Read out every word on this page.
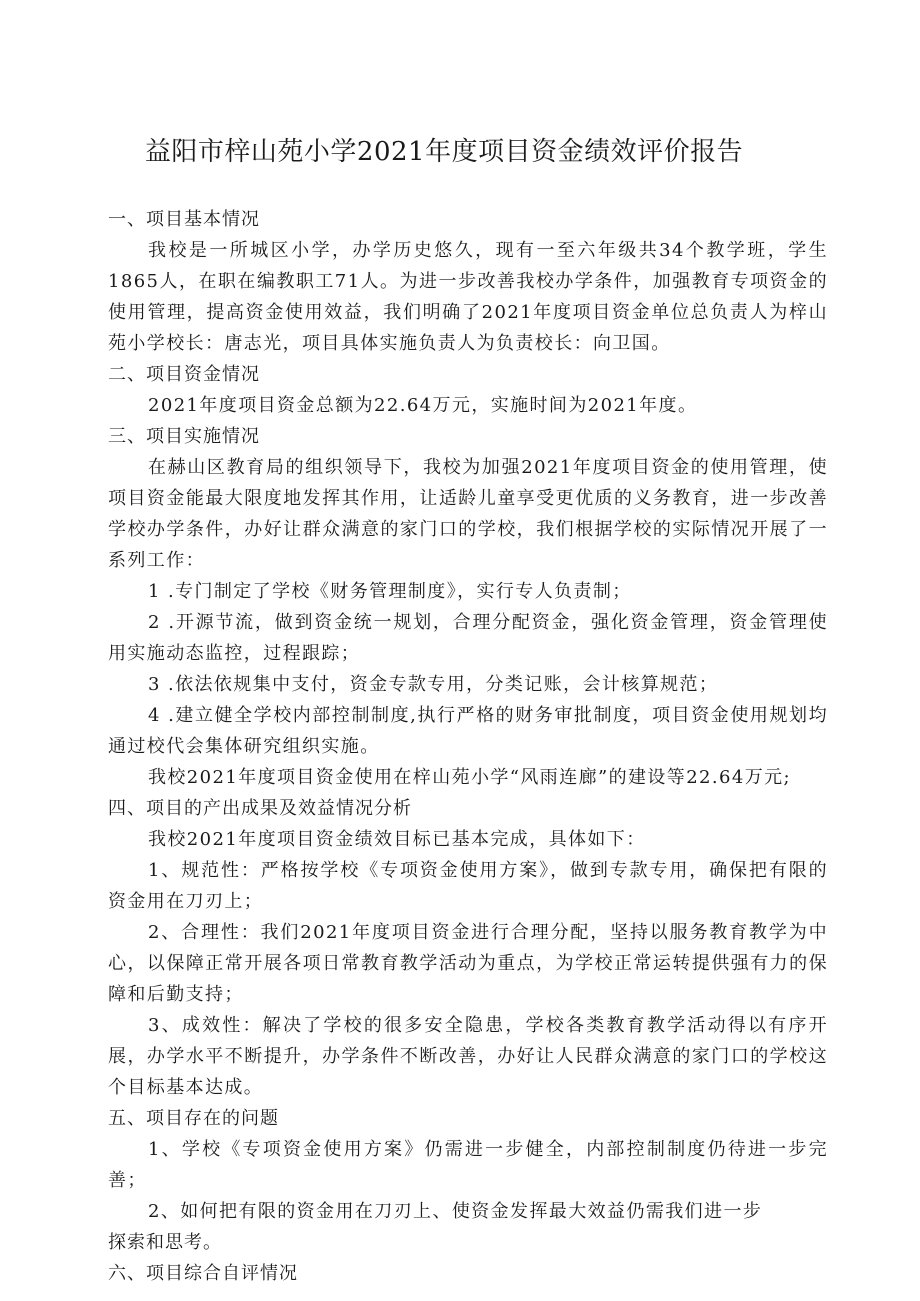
益阳市梓山苑小学2021年度项目资金绩效评价报告

一、项目基本情况

我校是一所城区小学，办学历史悠久，现有一至六年级共34个教学班，学生1865人，在职在编教职工71人。为进一步改善我校办学条件，加强教育专项资金的使用管理，提高资金使用效益，我们明确了2021年度项目资金单位总负责人为梓山苑小学校长：唐志光，项目具体实施负责人为负责校长：向卫国。

二、项目资金情况

2021年度项目资金总额为22.64万元，实施时间为2021年度。

三、项目实施情况

在赫山区教育局的组织领导下，我校为加强2021年度项目资金的使用管理，使项目资金能最大限度地发挥其作用，让适龄儿童享受更优质的义务教育，进一步改善学校办学条件，办好让群众满意的家门口的学校，我们根据学校的实际情况开展了一系列工作：

1 .专门制定了学校《财务管理制度》，实行专人负责制；

2 .开源节流，做到资金统一规划，合理分配资金，强化资金管理，资金管理使用实施动态监控，过程跟踪；

3 .依法依规集中支付，资金专款专用，分类记账，会计核算规范；

4 .建立健全学校内部控制制度,执行严格的财务审批制度，项目资金使用规划均通过校代会集体研究组织实施。

我校2021年度项目资金使用在梓山苑小学“风雨连廊”的建设等22.64万元;

四、项目的产出成果及效益情况分析

我校2021年度项目资金绩效目标已基本完成，具体如下：

1、规范性：严格按学校《专项资金使用方案》，做到专款专用，确保把有限的资金用在刀刃上；

2、合理性：我们2021年度项目资金进行合理分配，坚持以服务教育教学为中心，以保障正常开展各项日常教育教学活动为重点，为学校正常运转提供强有力的保障和后勤支持；

3、成效性：解决了学校的很多安全隐患，学校各类教育教学活动得以有序开展，办学水平不断提升，办学条件不断改善，办好让人民群众满意的家门口的学校这个目标基本达成。

五、项目存在的问题

1、学校《专项资金使用方案》仍需进一步健全，内部控制制度仍待进一步完善；

2、如何把有限的资金用在刀刃上、使资金发挥最大效益仍需我们进一步

探索和思考。

六、项目综合自评情况
